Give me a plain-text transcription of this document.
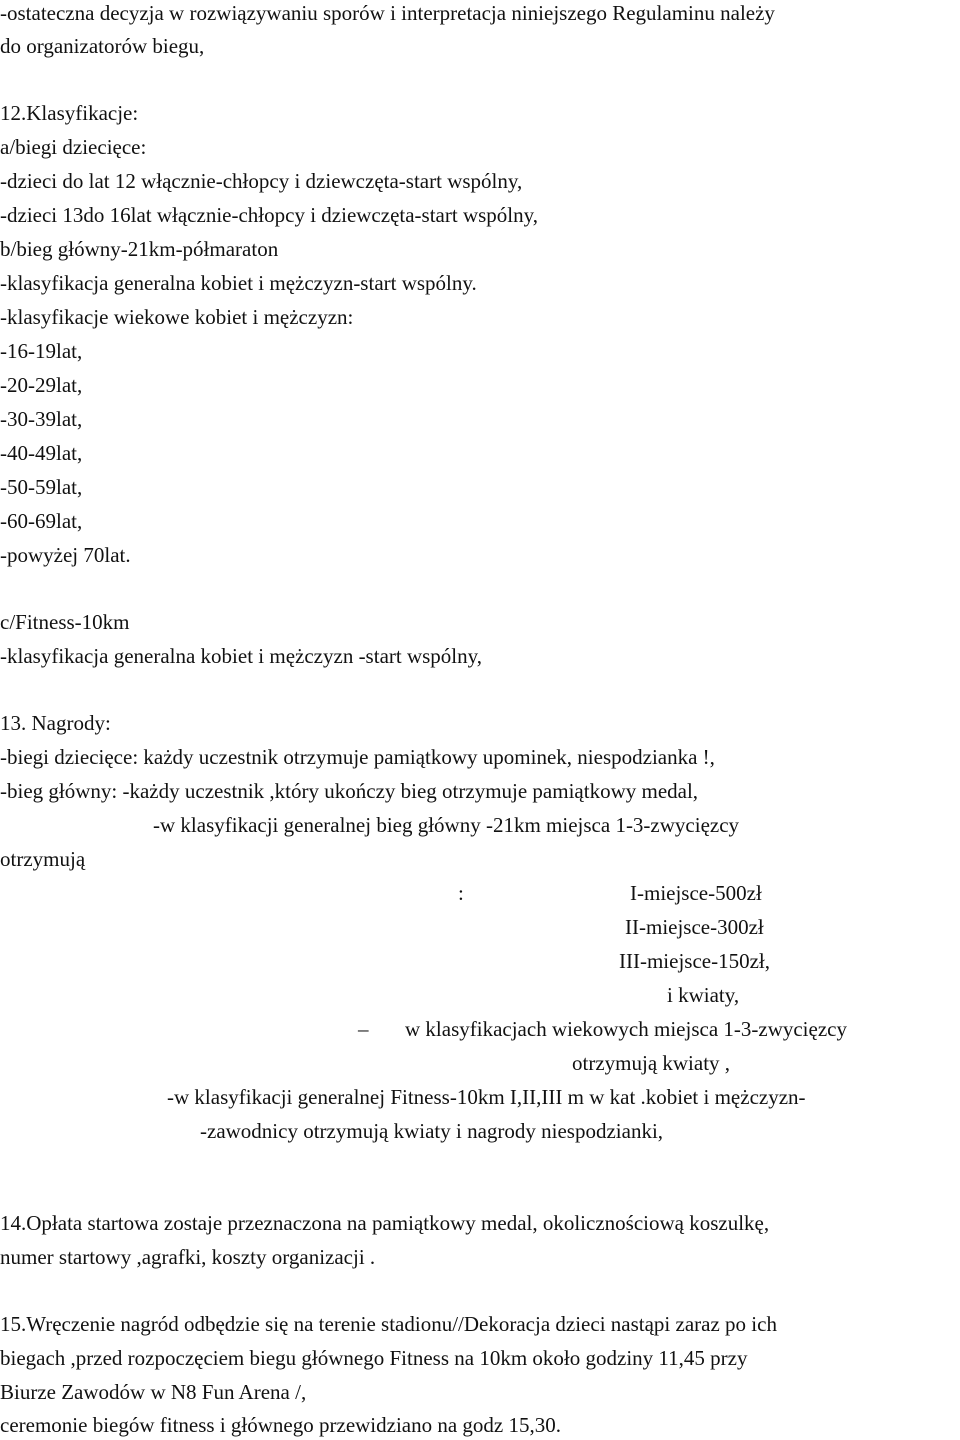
-ostateczna decyzja w rozwiązywaniu sporów i interpretacja niniejszego Regulaminu należy
do organizatorów biegu,
12.Klasyfikacje:
a/biegi dziecięce:
-dzieci do lat 12 włącznie-chłopcy i dziewczęta-start wspólny,
-dzieci 13do 16lat włącznie-chłopcy i dziewczęta-start wspólny,
b/bieg główny-21km-półmaraton
-klasyfikacja generalna kobiet i mężczyzn-start wspólny.
-klasyfikacje wiekowe kobiet i mężczyzn:
-16-19lat,
-20-29lat,
-30-39lat,
-40-49lat,
-50-59lat,
-60-69lat,
-powyżej 70lat.
c/Fitness-10km
-klasyfikacja generalna kobiet i mężczyzn -start wspólny,
13. Nagrody:
-biegi dziecięce: każdy uczestnik otrzymuje pamiątkowy upominek, niespodzianka !,
-bieg główny: -każdy uczestnik ,który ukończy bieg otrzymuje pamiątkowy medal,
-w klasyfikacji generalnej bieg główny -21km miejsca 1-3-zwycięzcy
otrzymują
:	I-miejsce-500zł
II-miejsce-300zł
III-miejsce-150zł,
i kwiaty,
– w klasyfikacjach wiekowych miejsca 1-3-zwycięzcy
otrzymują kwiaty ,
-w klasyfikacji generalnej Fitness-10km I,II,III m w kat .kobiet i mężczyzn-
-zawodnicy otrzymują kwiaty i nagrody niespodzianki,
14.Opłata startowa zostaje przeznaczona na pamiątkowy medal, okolicznościową koszulkę,
numer startowy ,agrafki, koszty organizacji .
15.Wręczenie nagród odbędzie się na terenie stadionu//Dekoracja dzieci nastąpi zaraz po ich
biegach ,przed rozpoczęciem biegu głównego Fitness na 10km około godziny 11,45 przy
Biurze Zawodów w N8 Fun Arena /,
ceremonie biegów fitness i głównego przewidziano na godz 15,30.
